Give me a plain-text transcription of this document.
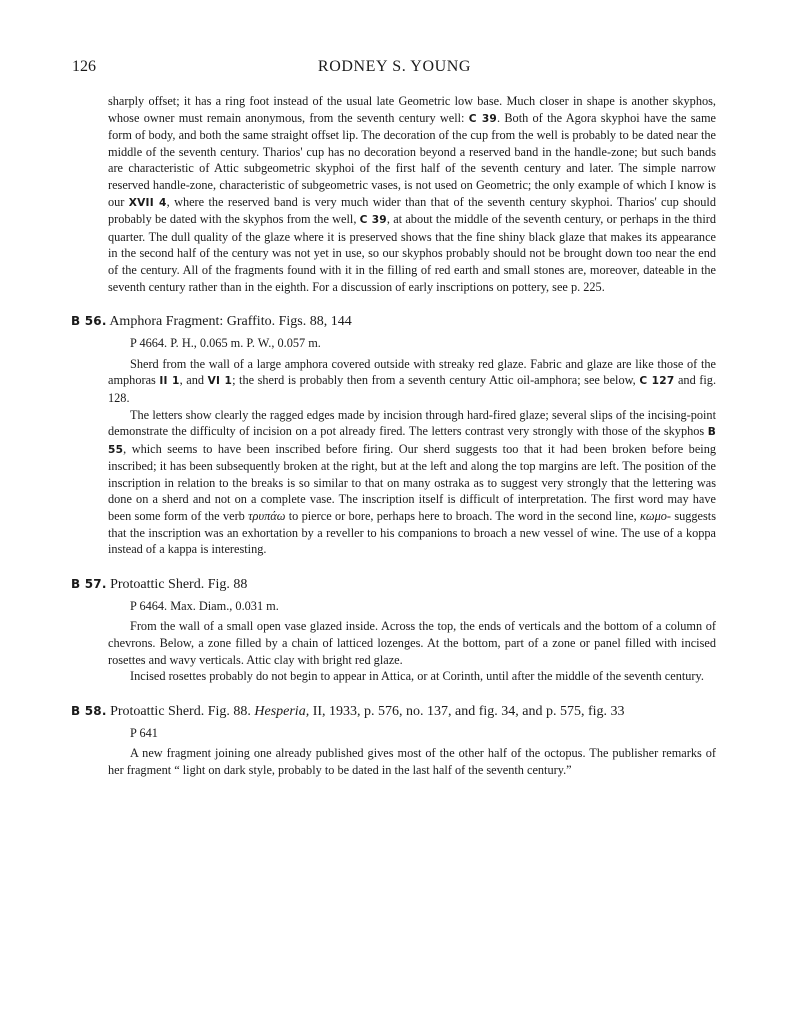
126	RODNEY S. YOUNG

sharply offset; it has a ring foot instead of the usual late Geometric low base. Much closer in shape is another skyphos, whose owner must remain anonymous, from the seventh century well: C 39. Both of the Agora skyphoi have the same form of body, and both the same straight offset lip. The decoration of the cup from the well is probably to be dated near the middle of the seventh century. Tharios' cup has no decoration beyond a reserved band in the handle-zone; but such bands are characteristic of Attic subgeometric skyphoi of the first half of the seventh century and later. The simple narrow reserved handle-zone, characteristic of subgeometric vases, is not used on Geometric; the only example of which I know is our XVII 4, where the reserved band is very much wider than that of the seventh century skyphoi. Tharios' cup should probably be dated with the skyphos from the well, C 39, at about the middle of the seventh century, or perhaps in the third quarter. The dull quality of the glaze where it is preserved shows that the fine shiny black glaze that makes its appearance in the second half of the century was not yet in use, so our skyphos probably should not be brought down too near the end of the century. All of the fragments found with it in the filling of red earth and small stones are, moreover, dateable in the seventh century rather than in the eighth. For a discussion of early inscriptions on pottery, see p. 225.

B 56. Amphora Fragment: Graffito. Figs. 88, 144

P 4664. P. H., 0.065 m. P. W., 0.057 m.

Sherd from the wall of a large amphora covered outside with streaky red glaze. Fabric and glaze are like those of the amphoras II 1, and VI 1; the sherd is probably then from a seventh century Attic oil-amphora; see below, C 127 and fig. 128.

The letters show clearly the ragged edges made by incision through hard-fired glaze; several slips of the incising-point demonstrate the difficulty of incision on a pot already fired. The letters contrast very strongly with those of the skyphos B 55, which seems to have been inscribed before firing. Our sherd suggests too that it had been broken before being inscribed; it has been subsequently broken at the right, but at the left and along the top margins are left. The position of the inscription in relation to the breaks is so similar to that on many ostraka as to suggest very strongly that the lettering was done on a sherd and not on a complete vase. The inscription itself is difficult of interpretation. The first word may have been some form of the verb τρυπάω to pierce or bore, perhaps here to broach. The word in the second line, κωμο- suggests that the inscription was an exhortation by a reveller to his companions to broach a new vessel of wine. The use of a koppa instead of a kappa is interesting.

B 57. Protoattic Sherd. Fig. 88

P 6464. Max. Diam., 0.031 m.

From the wall of a small open vase glazed inside. Across the top, the ends of verticals and the bottom of a column of chevrons. Below, a zone filled by a chain of latticed lozenges. At the bottom, part of a zone or panel filled with incised rosettes and wavy verticals. Attic clay with bright red glaze.

Incised rosettes probably do not begin to appear in Attica, or at Corinth, until after the middle of the seventh century.

B 58. Protoattic Sherd. Fig. 88. Hesperia, II, 1933, p. 576, no. 137, and fig. 34, and p. 575, fig. 33

P 641

A new fragment joining one already published gives most of the other half of the octopus. The publisher remarks of her fragment “ light on dark style, probably to be dated in the last half of the seventh century.”
